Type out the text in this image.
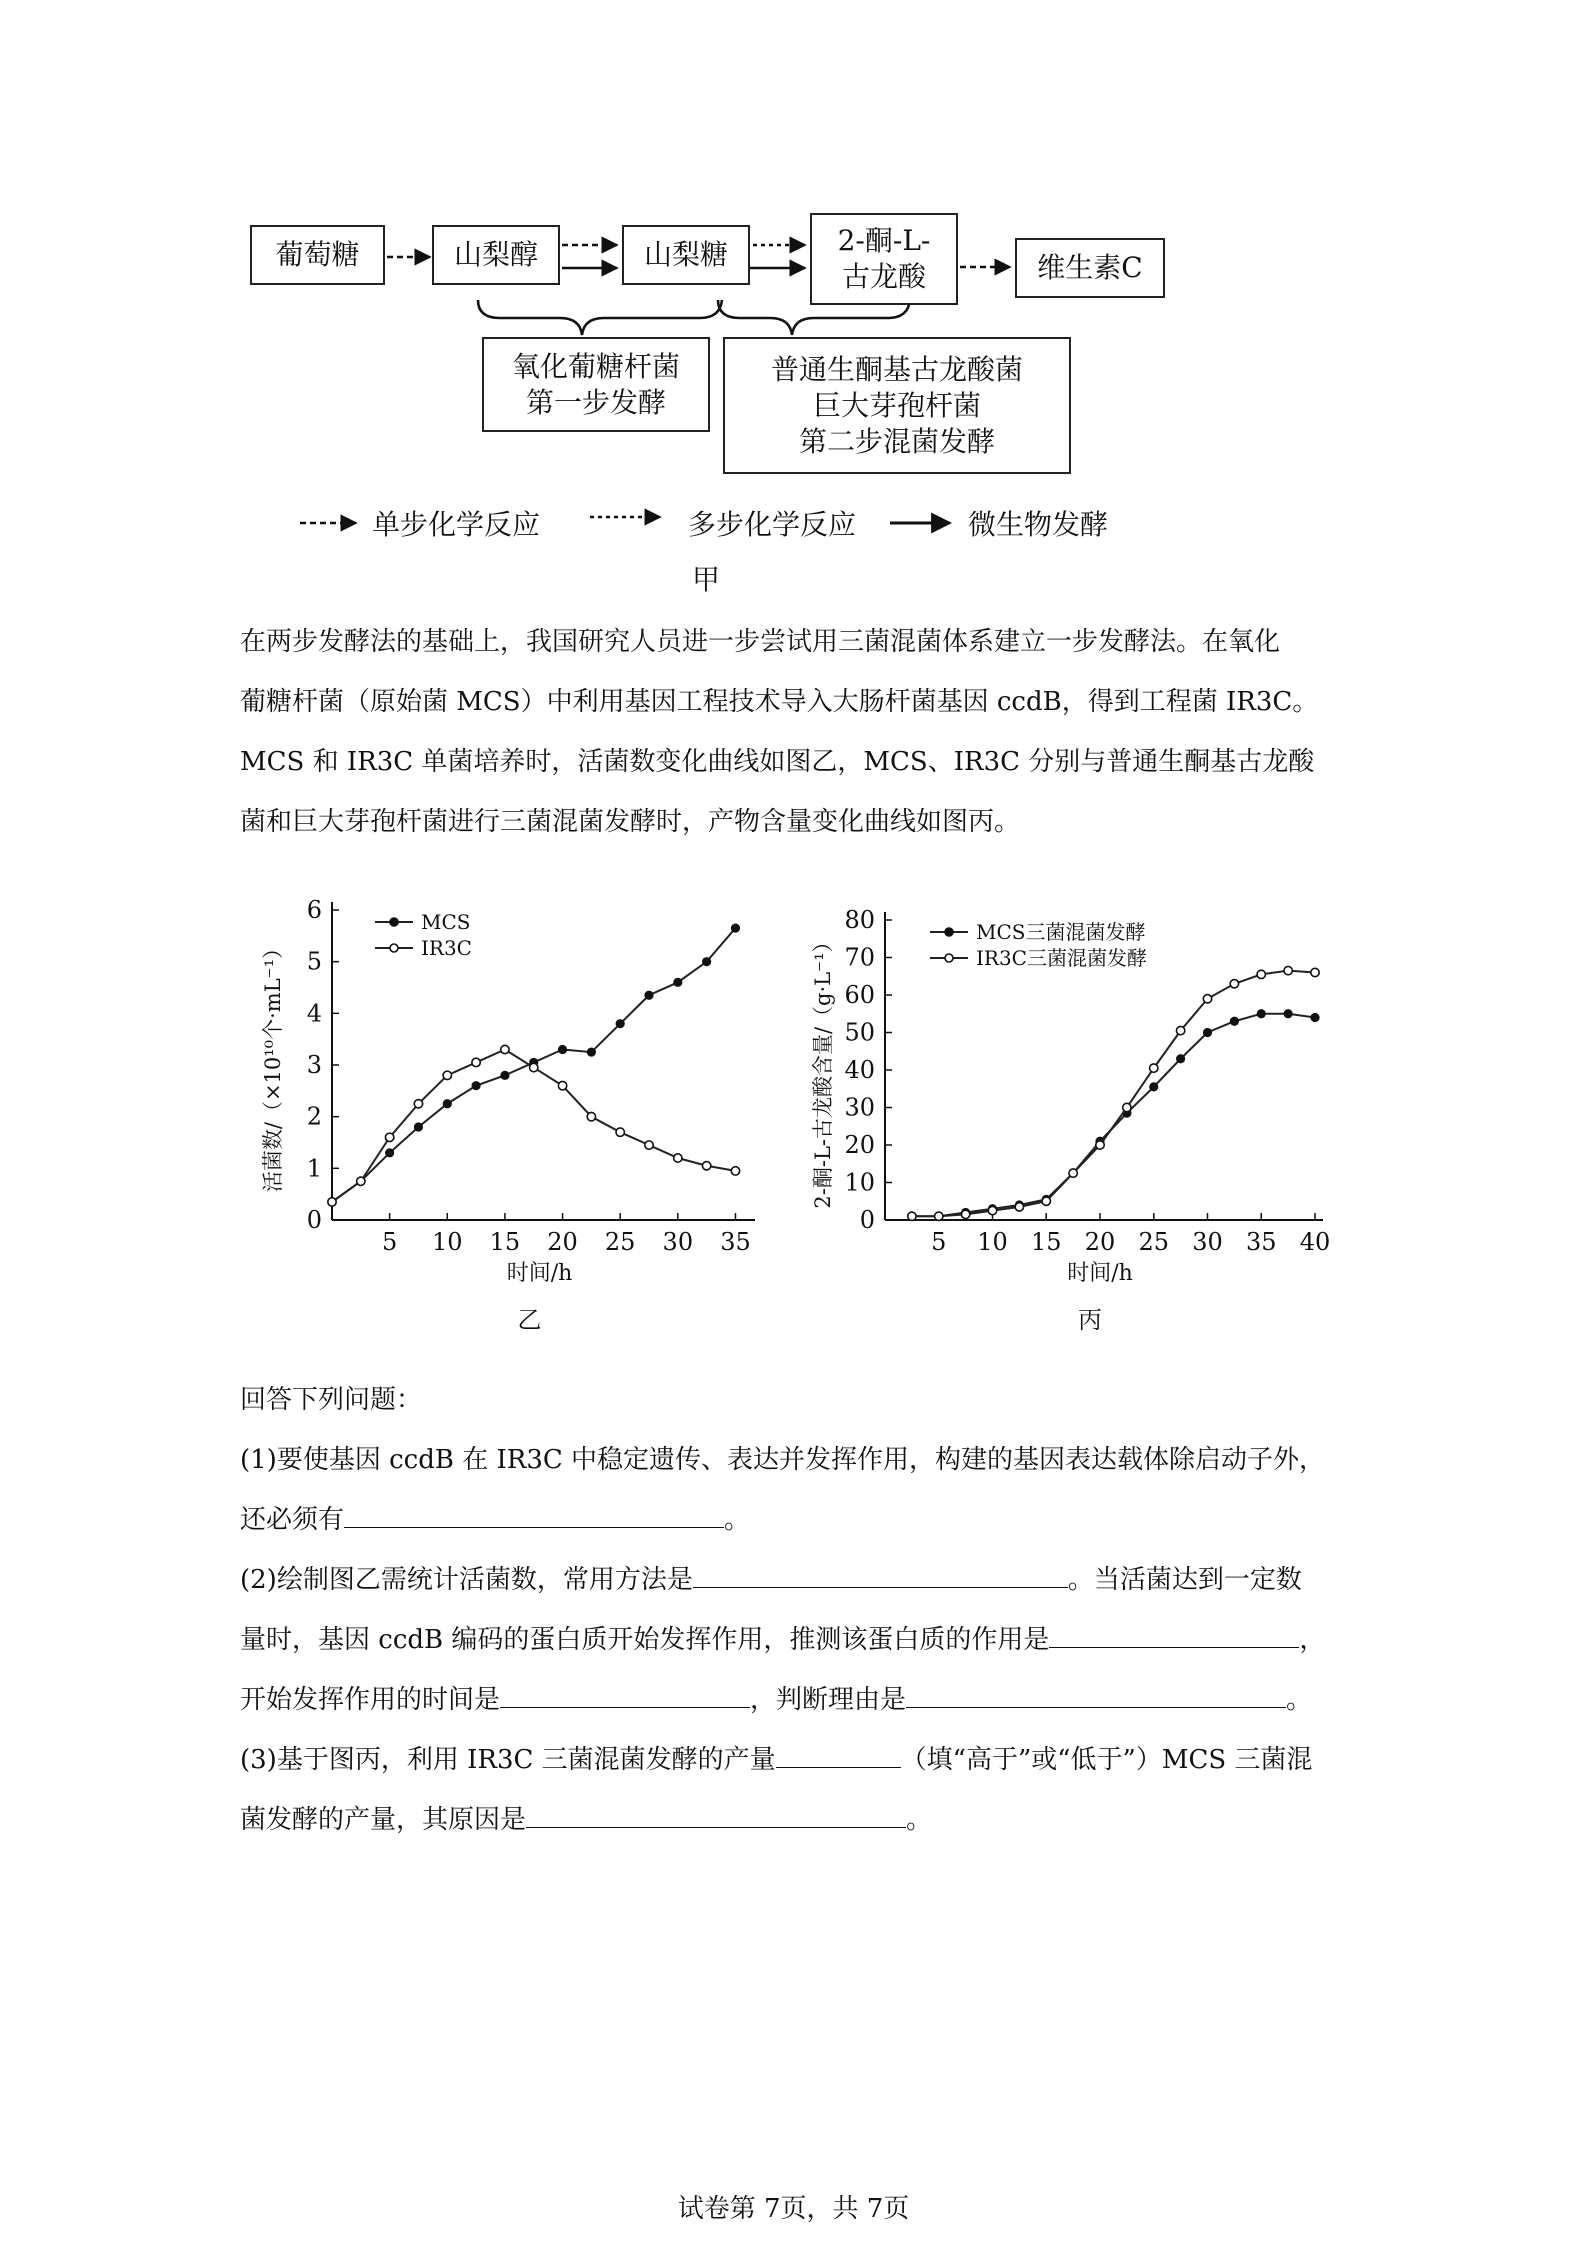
葡萄糖	山梨醇	山梨糖	2-酮-L-
古龙酸	维生素C
氧化葡糖杆菌
第一步发酵
普通生酮基古龙酸菌
巨大芽孢杆菌
第二步混菌发酵
单步化学反应	多步化学反应	微生物发酵
甲
在两步发酵法的基础上，我国研究人员进一步尝试用三菌混菌体系建立一步发酵法。在氧化
葡糖杆菌（原始菌 MCS）中利用基因工程技术导入大肠杆菌基因 ccdB，得到工程菌 IR3C。
MCS 和 IR3C 单菌培养时，活菌数变化曲线如图乙，MCS、IR3C 分别与普通生酮基古龙酸
菌和巨大芽孢杆菌进行三菌混菌发酵时，产物含量变化曲线如图丙。
0
1
2
3
4
5
6
5 10 15 20 25 30 35
时间/h
活菌数/（×10¹⁰个·mL⁻¹）
乙
MCS
IR3C
0
10
20
30
40
50
60
70
80
5 10 15 20 25 30 35 40
时间/h
2-酮-L-古龙酸含量/（g·L⁻¹）
丙
MCS三菌混菌发酵
IR3C三菌混菌发酵
回答下列问题：
(1)要使基因 ccdB 在 IR3C 中稳定遗传、表达并发挥作用，构建的基因表达载体除启动子外，
还必须有	。
(2)绘制图乙需统计活菌数，常用方法是	。当活菌达到一定数
量时，基因 ccdB 编码的蛋白质开始发挥作用，推测该蛋白质的作用是	，
开始发挥作用的时间是	，判断理由是	。
(3)基于图丙，利用 IR3C 三菌混菌发酵的产量	（填“高于”或“低于”）MCS 三菌混
菌发酵的产量，其原因是	。
试卷第 7页，共 7页
